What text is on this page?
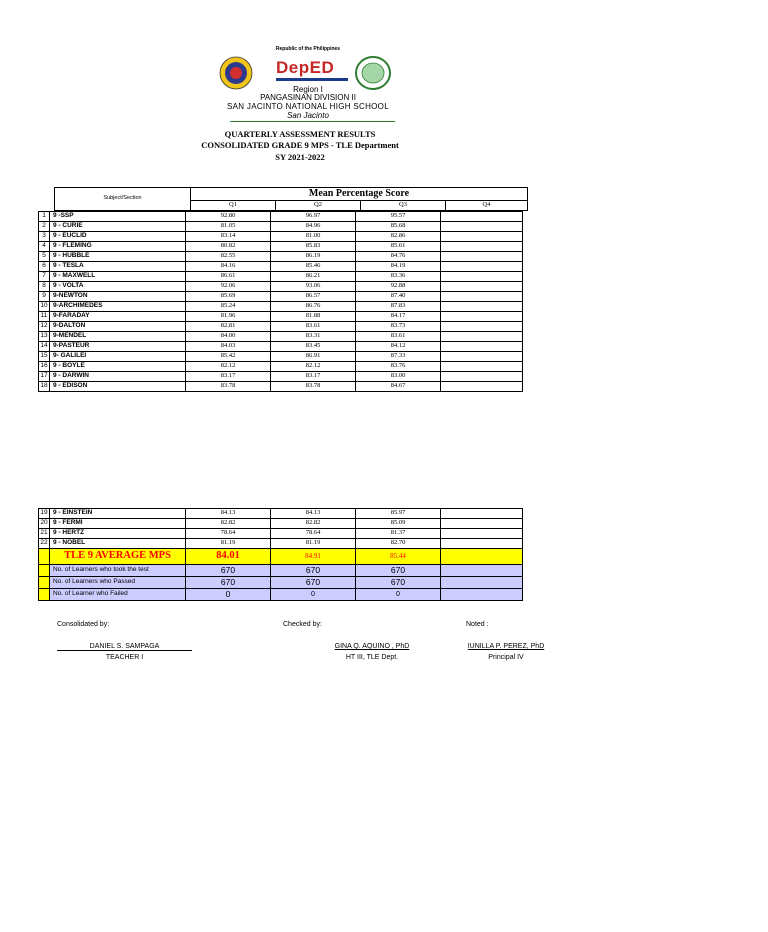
Republic of the Philippines
DepED
Region I
PANGASINAN DIVISION II
SAN JACINTO NATIONAL HIGH SCHOOL
San Jacinto
QUARTERLY ASSESSMENT RESULTS
CONSOLIDATED GRADE 9 MPS - TLE Department
SY 2021-2022
	Subject/Section	Mean Percentage Score			
		Q1	Q2	Q3	Q4
1	9 -SSP	92.80	96.97	95.57	
2	9 - CURIE	81.05	84.96	85.68	
3	9 - EUCLID	83.14	81.00	82.86	
4	9 - FLEMING	80.82	85.83	85.61	
5	9 - HUBBLE	82.55	86.19	84.76	
6	9 - TESLA	84.16	85.46	84.19	
7	9 - MAXWELL	86.61	86.21	83.36	
8	9 - VOLTA	92.06	93.06	92.88	
9	9-NEWTON	85.69	86.57	87.40	
10	9-ARCHIMEDES	85.24	86.76	87.83	
11	9-FARADAY	81.96	81.88	84.17	
12	9-DALTON	82.81	83.61	83.73	
13	9-MENDEL	84.00	83.31	83.61	
14	9-PASTEUR	84.03	83.45	84.12	
15	9- GALILEI	85.42	86.91	87.33	
16	9 - BOYLE	82.12	82.12	83.76	
17	9 - DARWIN	83.17	83.17	83.00	
18	9 - EDISON	83.78	83.78	84.67	
19	9 - EINSTEIN	84.13	84.13	85.97	
20	9 - FERMI	82.82	82.82	85.09	
21	9 - HERTZ	78.64	78.64	81.37	
22	9 - NOBEL	81.19	81.19	82.70	
	TLE 9 AVERAGE MPS	84.01	84.91	85.44	
	No. of Learners who took the test	670	670	670	
	No. of Learners who Passed	670	670	670	
	No. of Learner who Failed	0	0	0	
Consolidated by:	Checked by:	Noted :
DANIEL S. SAMPAGA
TEACHER I
GINA Q. AQUINO , PhD
HT III, TLE Dept.
IUNILLA P. PEREZ, PhD
Principal IV
